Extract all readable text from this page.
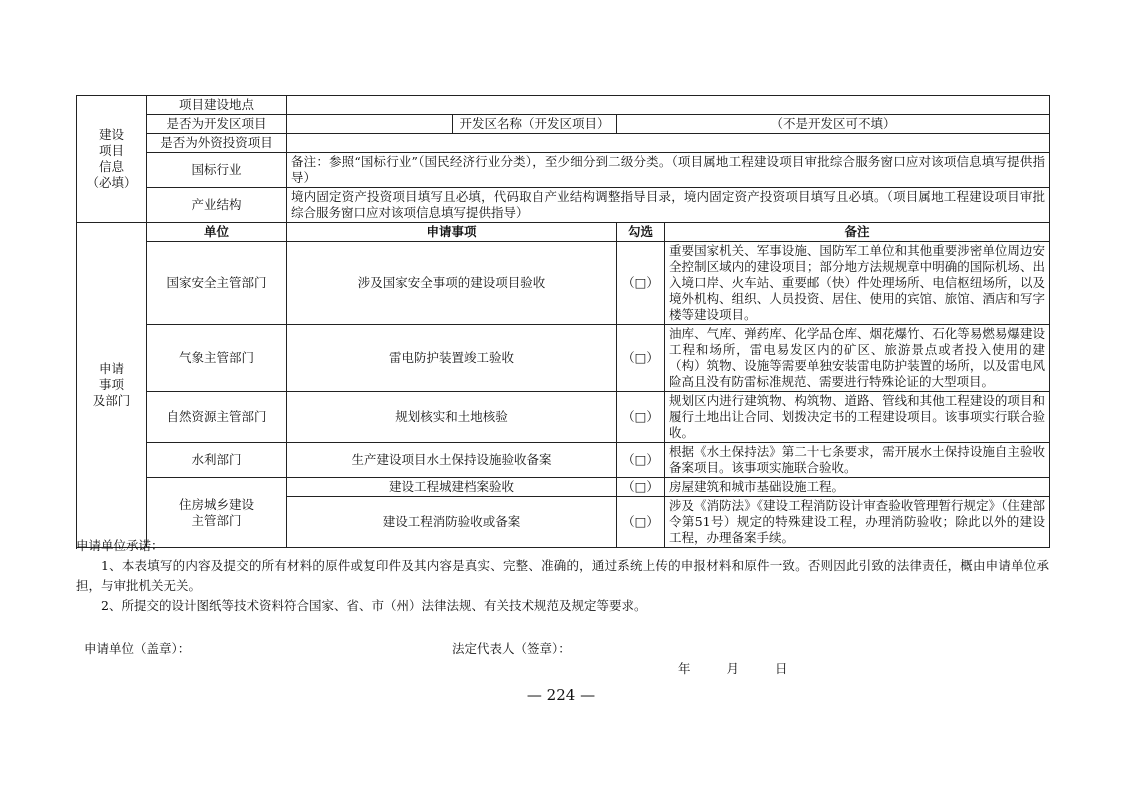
建设
项目
信息
（必填）	项目建设地点				
	是否为开发区项目		开发区名称（开发区项目）	（不是开发区可不填）	
	是否为外资投资项目				
	国标行业	备注：参照“国标行业”（国民经济行业分类），至少细分到二级分类。（项目属地工程建设项目审批综合服务窗口应对该项信息填写提供指导）			
	产业结构	境内固定资产投资项目填写且必填，代码取自产业结构调整指导目录，境内固定资产投资项目填写且必填。（项目属地工程建设项目审批综合服务窗口应对该项信息填写提供指导）			

申请
事项
及部门	单位	申请事项		勾选	备注
	国家安全主管部门	涉及国家安全事项的建设项目验收		（□）	重要国家机关、军事设施、国防军工单位和其他重要涉密单位周边安全控制区域内的建设项目；部分地方法规规章中明确的国际机场、出入境口岸、火车站、重要邮（快）件处理场所、电信枢纽场所，以及境外机构、组织、人员投资、居住、使用的宾馆、旅馆、酒店和写字楼等建设项目。
	气象主管部门	雷电防护装置竣工验收		（□）	油库、气库、弹药库、化学品仓库、烟花爆竹、石化等易燃易爆建设工程和场所，雷电易发区内的矿区、旅游景点或者投入使用的建（构）筑物、设施等需要单独安装雷电防护装置的场所，以及雷电风险高且没有防雷标准规范、需要进行特殊论证的大型项目。
	自然资源主管部门	规划核实和土地核验		（□）	规划区内进行建筑物、构筑物、道路、管线和其他工程建设的项目和履行土地出让合同、划拨决定书的工程建设项目。该事项实行联合验收。
	水利部门	生产建设项目水土保持设施验收备案		（□）	根据《水土保持法》第二十七条要求，需开展水土保持设施自主验收备案项目。该事项实施联合验收。
	住房城乡建设
主管部门	建设工程城建档案验收		（□）	房屋建筑和城市基础设施工程。
		建设工程消防验收或备案		（□）	涉及《消防法》《建设工程消防设计审查验收管理暂行规定》（住建部令第51号）规定的特殊建设工程，办理消防验收；除此以外的建设工程，办理备案手续。

申请单位承诺：

1、本表填写的内容及提交的所有材料的原件或复印件及其内容是真实、完整、准确的，通过系统上传的申报材料和原件一致。否则因此引致的法律责任，概由申请单位承担，与审批机关无关。

2、所提交的设计图纸等技术资料符合国家、省、市（州）法律法规、有关技术规范及规定等要求。

申请单位（盖章）：	法定代表人（签章）：
年	月	日
— 224 —
